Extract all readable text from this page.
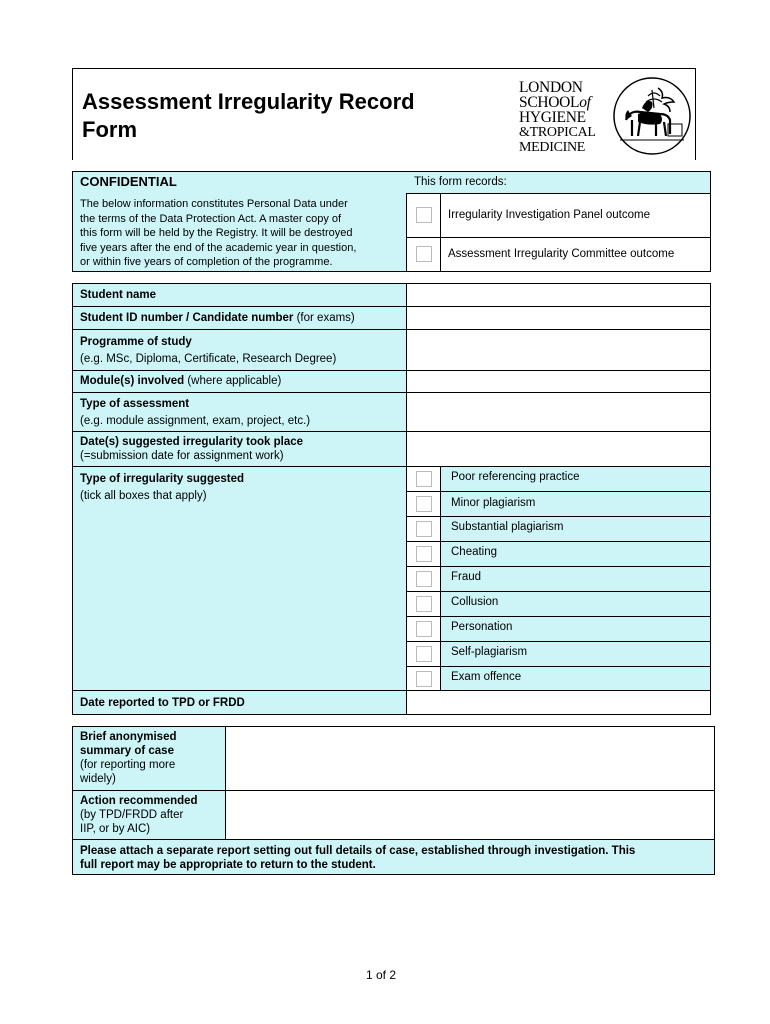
Assessment Irregularity Record
Form
LONDON
SCHOOLof
HYGIENE
&TROPICAL
MEDICINE
CONFIDENTIAL	This form records:
The below information constitutes Personal Data under
the terms of the Data Protection Act. A master copy of
this form will be held by the Registry. It will be destroyed
five years after the end of the academic year in question,
or within five years of completion of the programme.
Irregularity Investigation Panel outcome
Assessment Irregularity Committee outcome
Student name
Student ID number / Candidate number (for exams)
Programme of study
(e.g. MSc, Diploma, Certificate, Research Degree)
Module(s) involved (where applicable)
Type of assessment
(e.g. module assignment, exam, project, etc.)
Date(s) suggested irregularity took place
(=submission date for assignment work)
Type of irregularity suggested
(tick all boxes that apply)
Poor referencing practice
Minor plagiarism
Substantial plagiarism
Cheating
Fraud
Collusion
Personation
Self-plagiarism
Exam offence
Date reported to TPD or FRDD
Brief anonymised
summary of case
(for reporting more
widely)
Action recommended
(by TPD/FRDD after
IIP, or by AIC)
Please attach a separate report setting out full details of case, established through investigation. This
full report may be appropriate to return to the student.
1 of 2
